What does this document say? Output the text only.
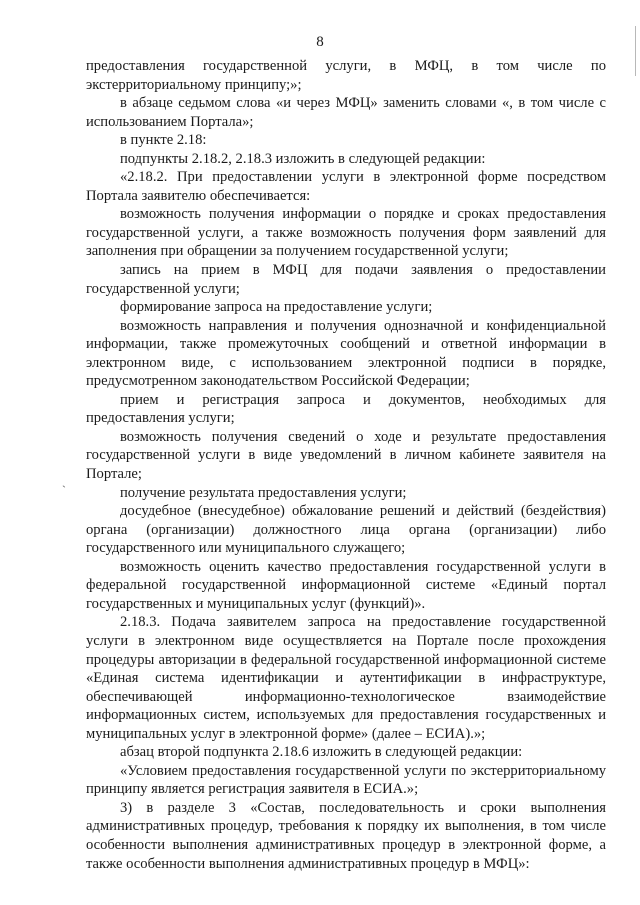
`
8

предоставления государственной услуги, в МФЦ, в том числе по экстерриториальному принципу;»;

в абзаце седьмом слова «и через МФЦ» заменить словами «, в том числе с использованием Портала»;

в пункте 2.18:

подпункты 2.18.2, 2.18.3 изложить в следующей редакции:

«2.18.2. При предоставлении услуги в электронной форме посредством Портала заявителю обеспечивается:

возможность получения информации о порядке и сроках предоставления государственной услуги, а также возможность получения форм заявлений для заполнения при обращении за получением государственной услуги;

запись на прием в МФЦ для подачи заявления о предоставлении государственной услуги;

формирование запроса на предоставление услуги;

возможность направления и получения однозначной и конфиденциальной информации, также промежуточных сообщений и ответной информации в электронном виде, с использованием электронной подписи в порядке, предусмотренном законодательством Российской Федерации;

прием и регистрация запроса и документов, необходимых для предоставления услуги;

возможность получения сведений о ходе и результате предоставления государственной услуги в виде уведомлений в личном кабинете заявителя на Портале;

получение результата предоставления услуги;

досудебное (внесудебное) обжалование решений и действий (бездействия) органа (организации) должностного лица органа (организации) либо государственного или муниципального служащего;

возможность оценить качество предоставления государственной услуги в федеральной государственной информационной системе «Единый портал государственных и муниципальных услуг (функций)».

2.18.3. Подача заявителем запроса на предоставление государственной услуги в электронном виде осуществляется на Портале после прохождения процедуры авторизации в федеральной государственной информационной системе «Единая система идентификации и аутентификации в инфраструктуре, обеспечивающей информационно-технологическое взаимодействие информационных систем, используемых для предоставления государственных и муниципальных услуг в электронной форме» (далее – ЕСИА).»;

абзац второй подпункта 2.18.6 изложить в следующей редакции:

«Условием предоставления государственной услуги по экстерриториальному принципу является регистрация заявителя в ЕСИА.»;

3) в разделе 3 «Состав, последовательность и сроки выполнения административных процедур, требования к порядку их выполнения, в том числе особенности выполнения административных процедур в электронной форме, а также особенности выполнения административных процедур в МФЦ»:
